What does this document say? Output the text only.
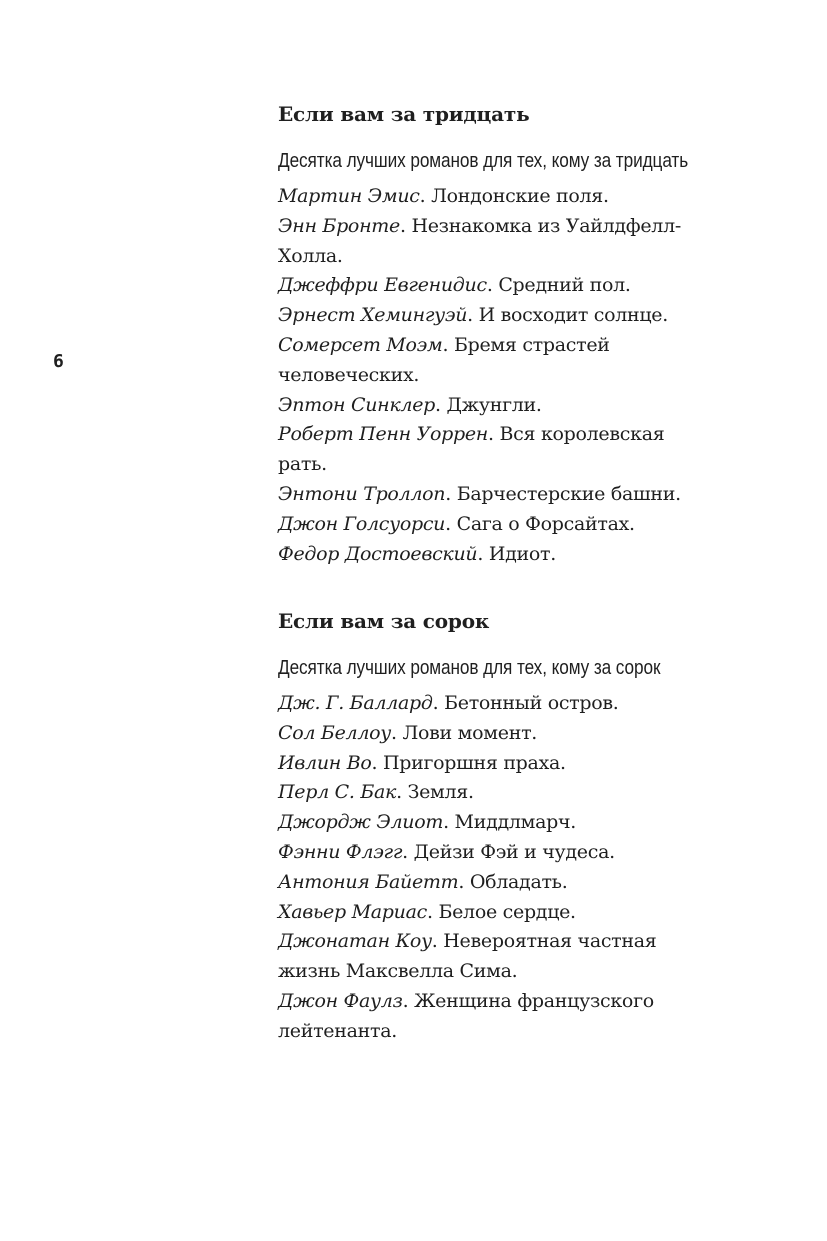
6
Если вам за тридцать
Десятка лучших романов для тех, кому за тридцать
Мартин Эмис. Лондонские поля.
Энн Бронте. Незнакомка из Уайлдфелл-Холла.
Джеффри Евгенидис. Средний пол.
Эрнест Хемингуэй. И восходит солнце.
Сомерсет Моэм. Бремя страстей человеческих.
Эптон Синклер. Джунгли.
Роберт Пенн Уоррен. Вся королевская рать.
Энтони Троллоп. Барчестерские башни.
Джон Голсуорси. Сага о Форсайтах.
Федор Достоевский. Идиот.
Если вам за сорок
Десятка лучших романов для тех, кому за сорок
Дж. Г. Баллард. Бетонный остров.
Сол Беллоу. Лови момент.
Ивлин Во. Пригоршня праха.
Перл С. Бак. Земля.
Джордж Элиот. Миддлмарч.
Фэнни Флэгг. Дейзи Фэй и чудеса.
Антония Байетт. Обладать.
Хавьер Мариас. Белое сердце.
Джонатан Коу. Невероятная частная жизнь Максвелла Сима.
Джон Фаулз. Женщина французского лейтенанта.
